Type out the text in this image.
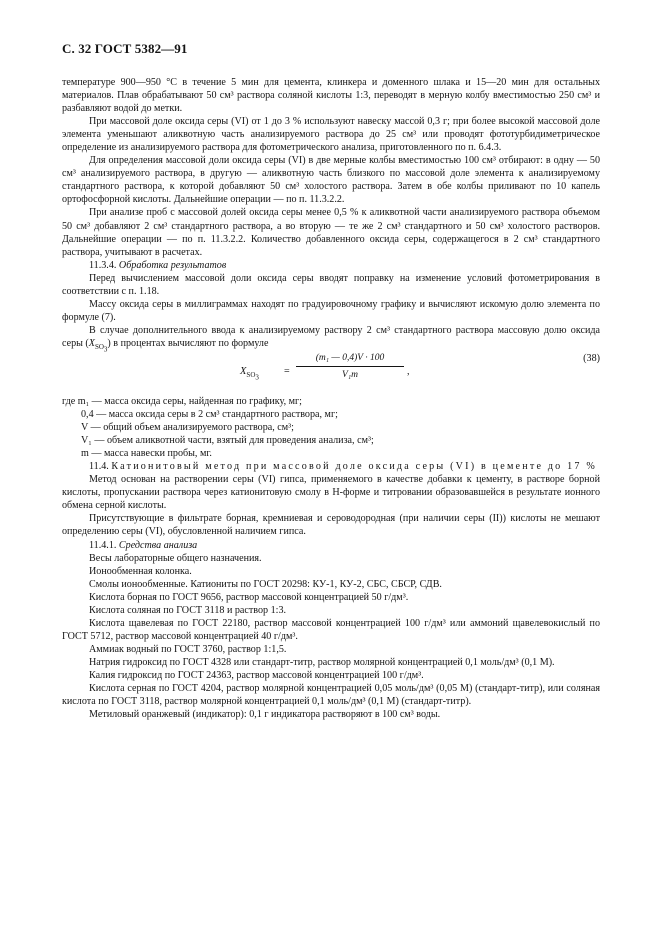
С. 32 ГОСТ 5382—91

температуре 900—950 °С в течение 5 мин для цемента, клинкера и доменного шлака и 15—20 мин для остальных материалов. Плав обрабатывают 50 см³ раствора соляной кислоты 1:3, переводят в мерную колбу вместимостью 250 см³ и разбавляют водой до метки.

При массовой доле оксида серы (VI) от 1 до 3 % используют навеску массой 0,3 г; при более высокой массовой доле элемента уменьшают аликвотную часть анализируемого раствора до 25 см³ или проводят фототурбидиметрическое определение из анализируемого раствора для фотометрического анализа, приготовленного по п. 6.4.3.

Для определения массовой доли оксида серы (VI) в две мерные колбы вместимостью 100 см³ отбирают: в одну — 50 см³ анализируемого раствора, в другую — аликвотную часть близкого по массовой доле элемента к анализируемому стандартного раствора, к которой добавляют 50 см³ холостого раствора. Затем в обе колбы приливают по 10 капель ортофосфорной кислоты. Дальнейшие операции — по п. 11.3.2.2.

При анализе проб с массовой долей оксида серы менее 0,5 % к аликвотной части анализируемого раствора объемом 50 см³ добавляют 2 см³ стандартного раствора, а во вторую — те же 2 см³ стандартного и 50 см³ холостого растворов. Дальнейшие операции — по п. 11.3.2.2. Количество добавленного оксида серы, содержащегося в 2 см³ стандартного раствора, учитывают в расчетах.

11.3.4. Обработка результатов

Перед вычислением массовой доли оксида серы вводят поправку на изменение условий фотометрирования в соответствии с п. 1.18.

Массу оксида серы в миллиграммах находят по градуировочному графику и вычисляют искомую долю элемента по формуле (7).

В случае дополнительного ввода к анализируемому раствору 2 см³ стандартного раствора массовую долю оксида серы $(X_{SO_3})$ в процентах вычисляют по формуле

$X_{SO_3}$
= $\frac{\text{(m₁ — 0,4)V · 100}}{\text{V₁m}}$ ,
(38)

где m₁ — масса оксида серы, найденная по графику, мг;

0,4 — масса оксида серы в 2 см³ стандартного раствора, мг;

V — общий объем анализируемого раствора, см³;

V₁ — объем аликвотной части, взятый для проведения анализа, см³;

m — масса навески пробы, мг.

11.4. Катионитовый метод при массовой доле оксида серы (VI) в цементе до 17 %

Метод основан на растворении серы (VI) гипса, применяемого в качестве добавки к цементу, в растворе борной кислоты, пропускании раствора через катионитовую смолу в Н-форме и титровании образовавшейся в результате ионного обмена серной кислоты.

Присутствующие в фильтрате борная, кремниевая и сероводородная (при наличии серы (II)) кислоты не мешают определению серы (VI), обусловленной наличием гипса.

11.4.1. Средства анализа

Весы лабораторные общего назначения.

Ионообменная колонка.

Смолы ионообменные. Катиониты по ГОСТ 20298: КУ-1, КУ-2, СБС, СБСР, СДВ.

Кислота борная по ГОСТ 9656, раствор массовой концентрацией 50 г/дм³.

Кислота соляная по ГОСТ 3118 и раствор 1:3.

Кислота щавелевая по ГОСТ 22180, раствор массовой концентрацией 100 г/дм³ или аммоний щавелевокислый по ГОСТ 5712, раствор массовой концентрацией 40 г/дм³.

Аммиак водный по ГОСТ 3760, раствор 1:1,5.

Натрия гидроксид по ГОСТ 4328 или стандарт-титр, раствор молярной концентрацией 0,1 моль/дм³ (0,1 М).

Калия гидроксид по ГОСТ 24363, раствор массовой концентрацией 100 г/дм³.

Кислота серная по ГОСТ 4204, раствор молярной концентрацией 0,05 моль/дм³ (0,05 М) (стандарт-титр), или соляная кислота по ГОСТ 3118, раствор молярной концентрацией 0,1 моль/дм³ (0,1 М) (стандарт-титр).

Метиловый оранжевый (индикатор): 0,1 г индикатора растворяют в 100 см³ воды.
